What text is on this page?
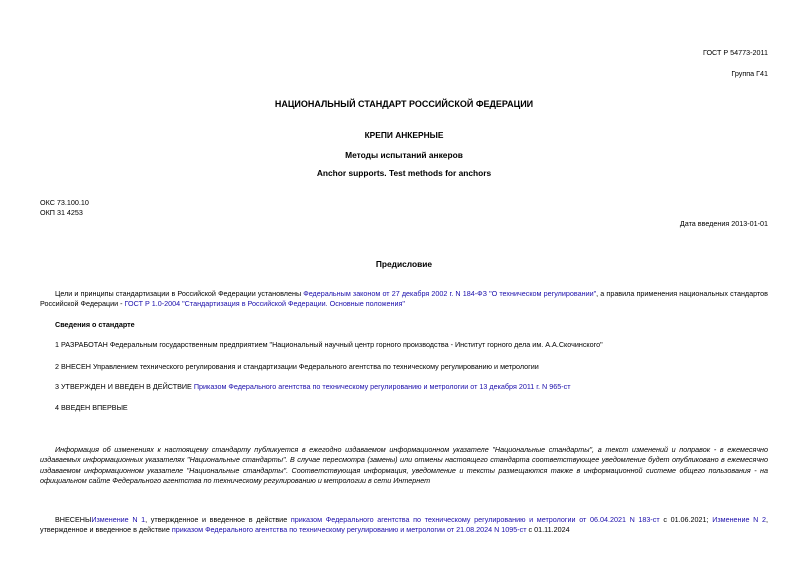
ГОСТ Р 54773-2011
Группа Г41
НАЦИОНАЛЬНЫЙ СТАНДАРТ РОССИЙСКОЙ ФЕДЕРАЦИИ
КРЕПИ АНКЕРНЫЕ
Методы испытаний анкеров
Anchor supports. Test methods for anchors
ОКС 73.100.10
ОКП 31 4253
Дата введения 2013-01-01
Предисловие
Цели и принципы стандартизации в Российской Федерации установлены Федеральным законом от 27 декабря 2002 г. N 184-ФЗ "О техническом регулировании", а правила применения национальных стандартов Российской Федерации - ГОСТ Р 1.0-2004 "Стандартизация в Российской Федерации. Основные положения"
Сведения о стандарте
1 РАЗРАБОТАН Федеральным государственным предприятием "Национальный научный центр горного производства - Институт горного дела им. А.А.Скочинского"
2 ВНЕСЕН Управлением технического регулирования и стандартизации Федерального агентства по техническому регулированию и метрологии
3 УТВЕРЖДЕН И ВВЕДЕН В ДЕЙСТВИЕ Приказом Федерального агентства по техническому регулированию и метрологии от 13 декабря 2011 г. N 965-ст
4 ВВЕДЕН ВПЕРВЫЕ
Информация об изменениях к настоящему стандарту публикуется в ежегодно издаваемом информационном указателе "Национальные стандарты", а текст изменений и поправок - в ежемесячно издаваемых информационных указателях "Национальные стандарты". В случае пересмотра (замены) или отмены настоящего стандарта соответствующее уведомление будет опубликовано в ежемесячно издаваемом информационном указателе "Национальные стандарты". Соответствующая информация, уведомление и тексты размещаются также в информационной системе общего пользования - на официальном сайте Федерального агентства по техническому регулированию и метрологии в сети Интернет
ВНЕСЕНЫИзменение N 1, утвержденное и введенное в действие приказом Федерального агентства по техническому регулированию и метрологии от 06.04.2021 N 183-ст с 01.06.2021; Изменение N 2, утвержденное и введенное в действие приказом Федерального агентства по техническому регулированию и метрологии от 21.08.2024 N 1095-ст с 01.11.2024
